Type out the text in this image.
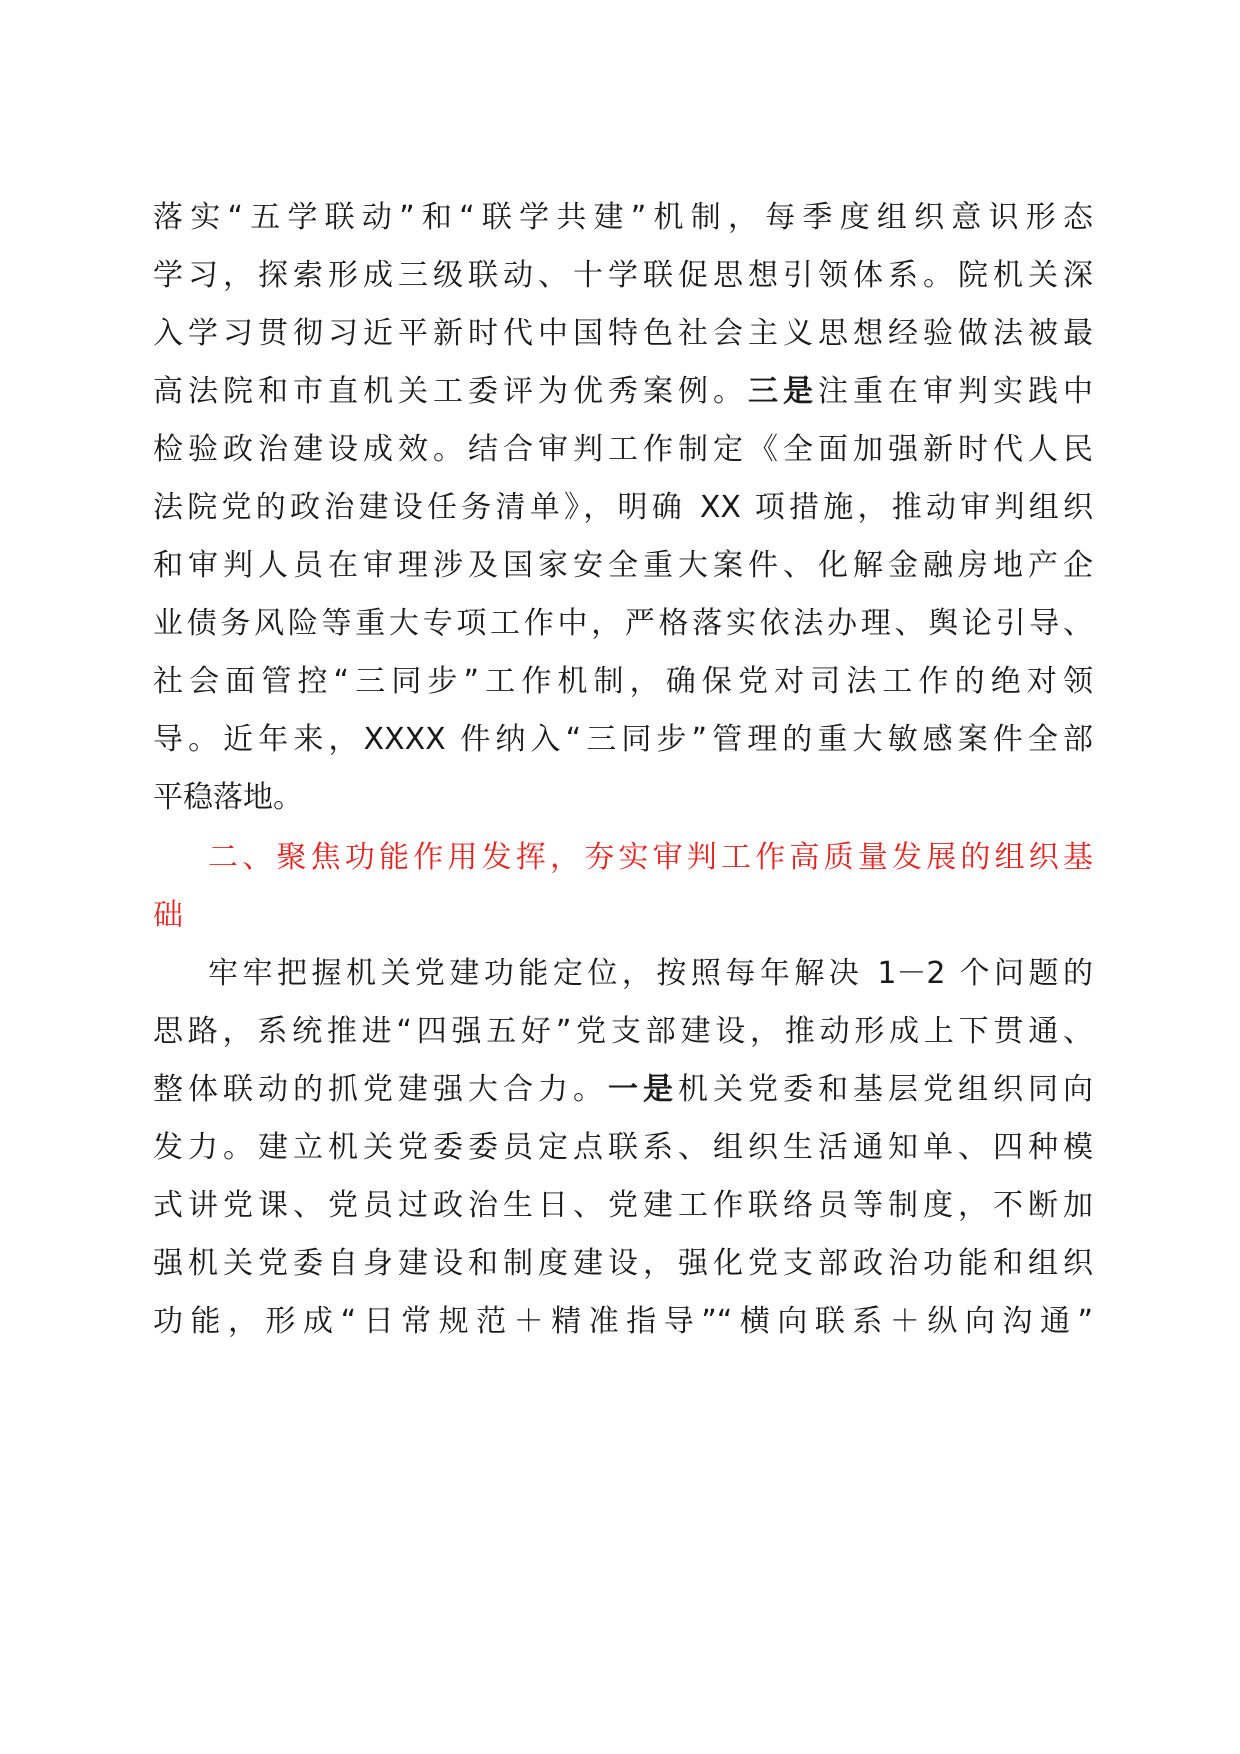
落实“五学联动”和“联学共建”机制，每季度组织意识形态
学习，探索形成三级联动、十学联促思想引领体系。院机关深
入学习贯彻习近平新时代中国特色社会主义思想经验做法被最
高法院和市直机关工委评为优秀案例。三是注重在审判实践中
检验政治建设成效。结合审判工作制定《全面加强新时代人民
法院党的政治建设任务清单》，明确 XX 项措施，推动审判组织
和审判人员在审理涉及国家安全重大案件、化解金融房地产企
业债务风险等重大专项工作中，严格落实依法办理、舆论引导、
社会面管控“三同步”工作机制，确保党对司法工作的绝对领
导。近年来，XXXX 件纳入“三同步”管理的重大敏感案件全部
平稳落地。
二、聚焦功能作用发挥，夯实审判工作高质量发展的组织基
础
牢牢把握机关党建功能定位，按照每年解决 1－2 个问题的
思路，系统推进“四强五好”党支部建设，推动形成上下贯通、
整体联动的抓党建强大合力。一是机关党委和基层党组织同向
发力。建立机关党委委员定点联系、组织生活通知单、四种模
式讲党课、党员过政治生日、党建工作联络员等制度，不断加
强机关党委自身建设和制度建设，强化党支部政治功能和组织
功能，形成“日常规范＋精准指导”“横向联系＋纵向沟通”
